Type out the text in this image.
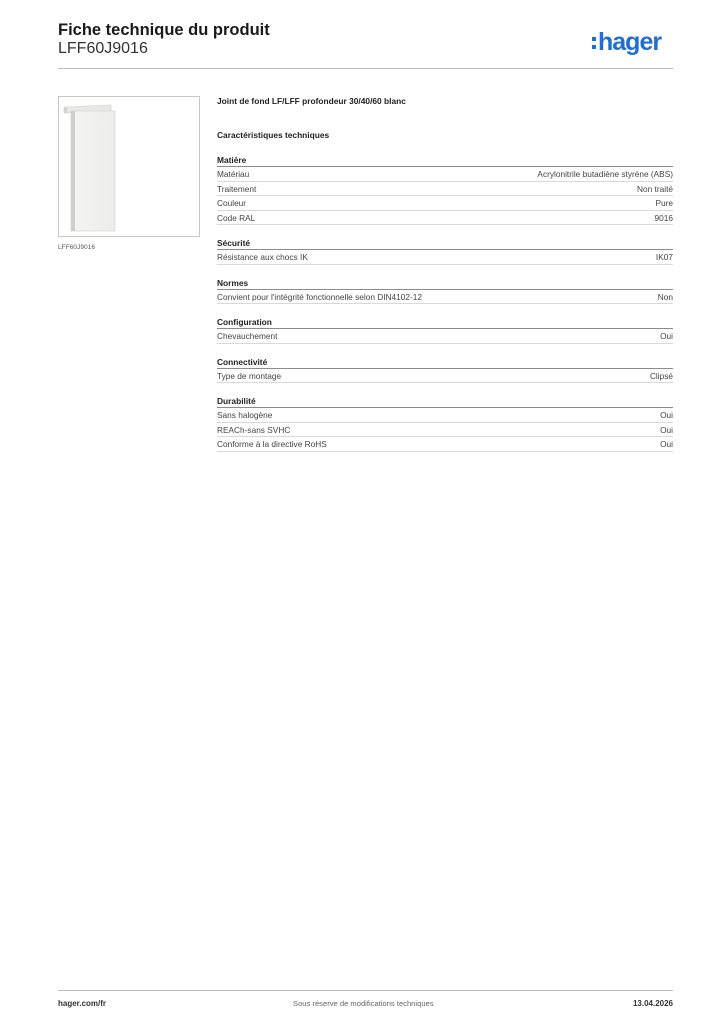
Fiche technique du produit
LFF60J9016	hager
LFF60J9016
Joint de fond LF/LFF profondeur 30/40/60 blanc
Caractéristiques techniques
Matière
Matériau	Acrylonitrile butadiène styrène (ABS)
Traitement	Non traité
Couleur	Pure
Code RAL	9016
Sécurité
Résistance aux chocs IK	IK07
Normes
Convient pour l'intégrité fonctionnelle selon DIN4102-12	Non
Configuration
Chevauchement	Oui
Connectivité
Type de montage	Clipsé
Durabilité
Sans halogène	Oui
REACh-sans SVHC	Oui
Conforme à la directive RoHS	Oui
hager.com/fr	Sous réserve de modifications techniques	13.04.2026
